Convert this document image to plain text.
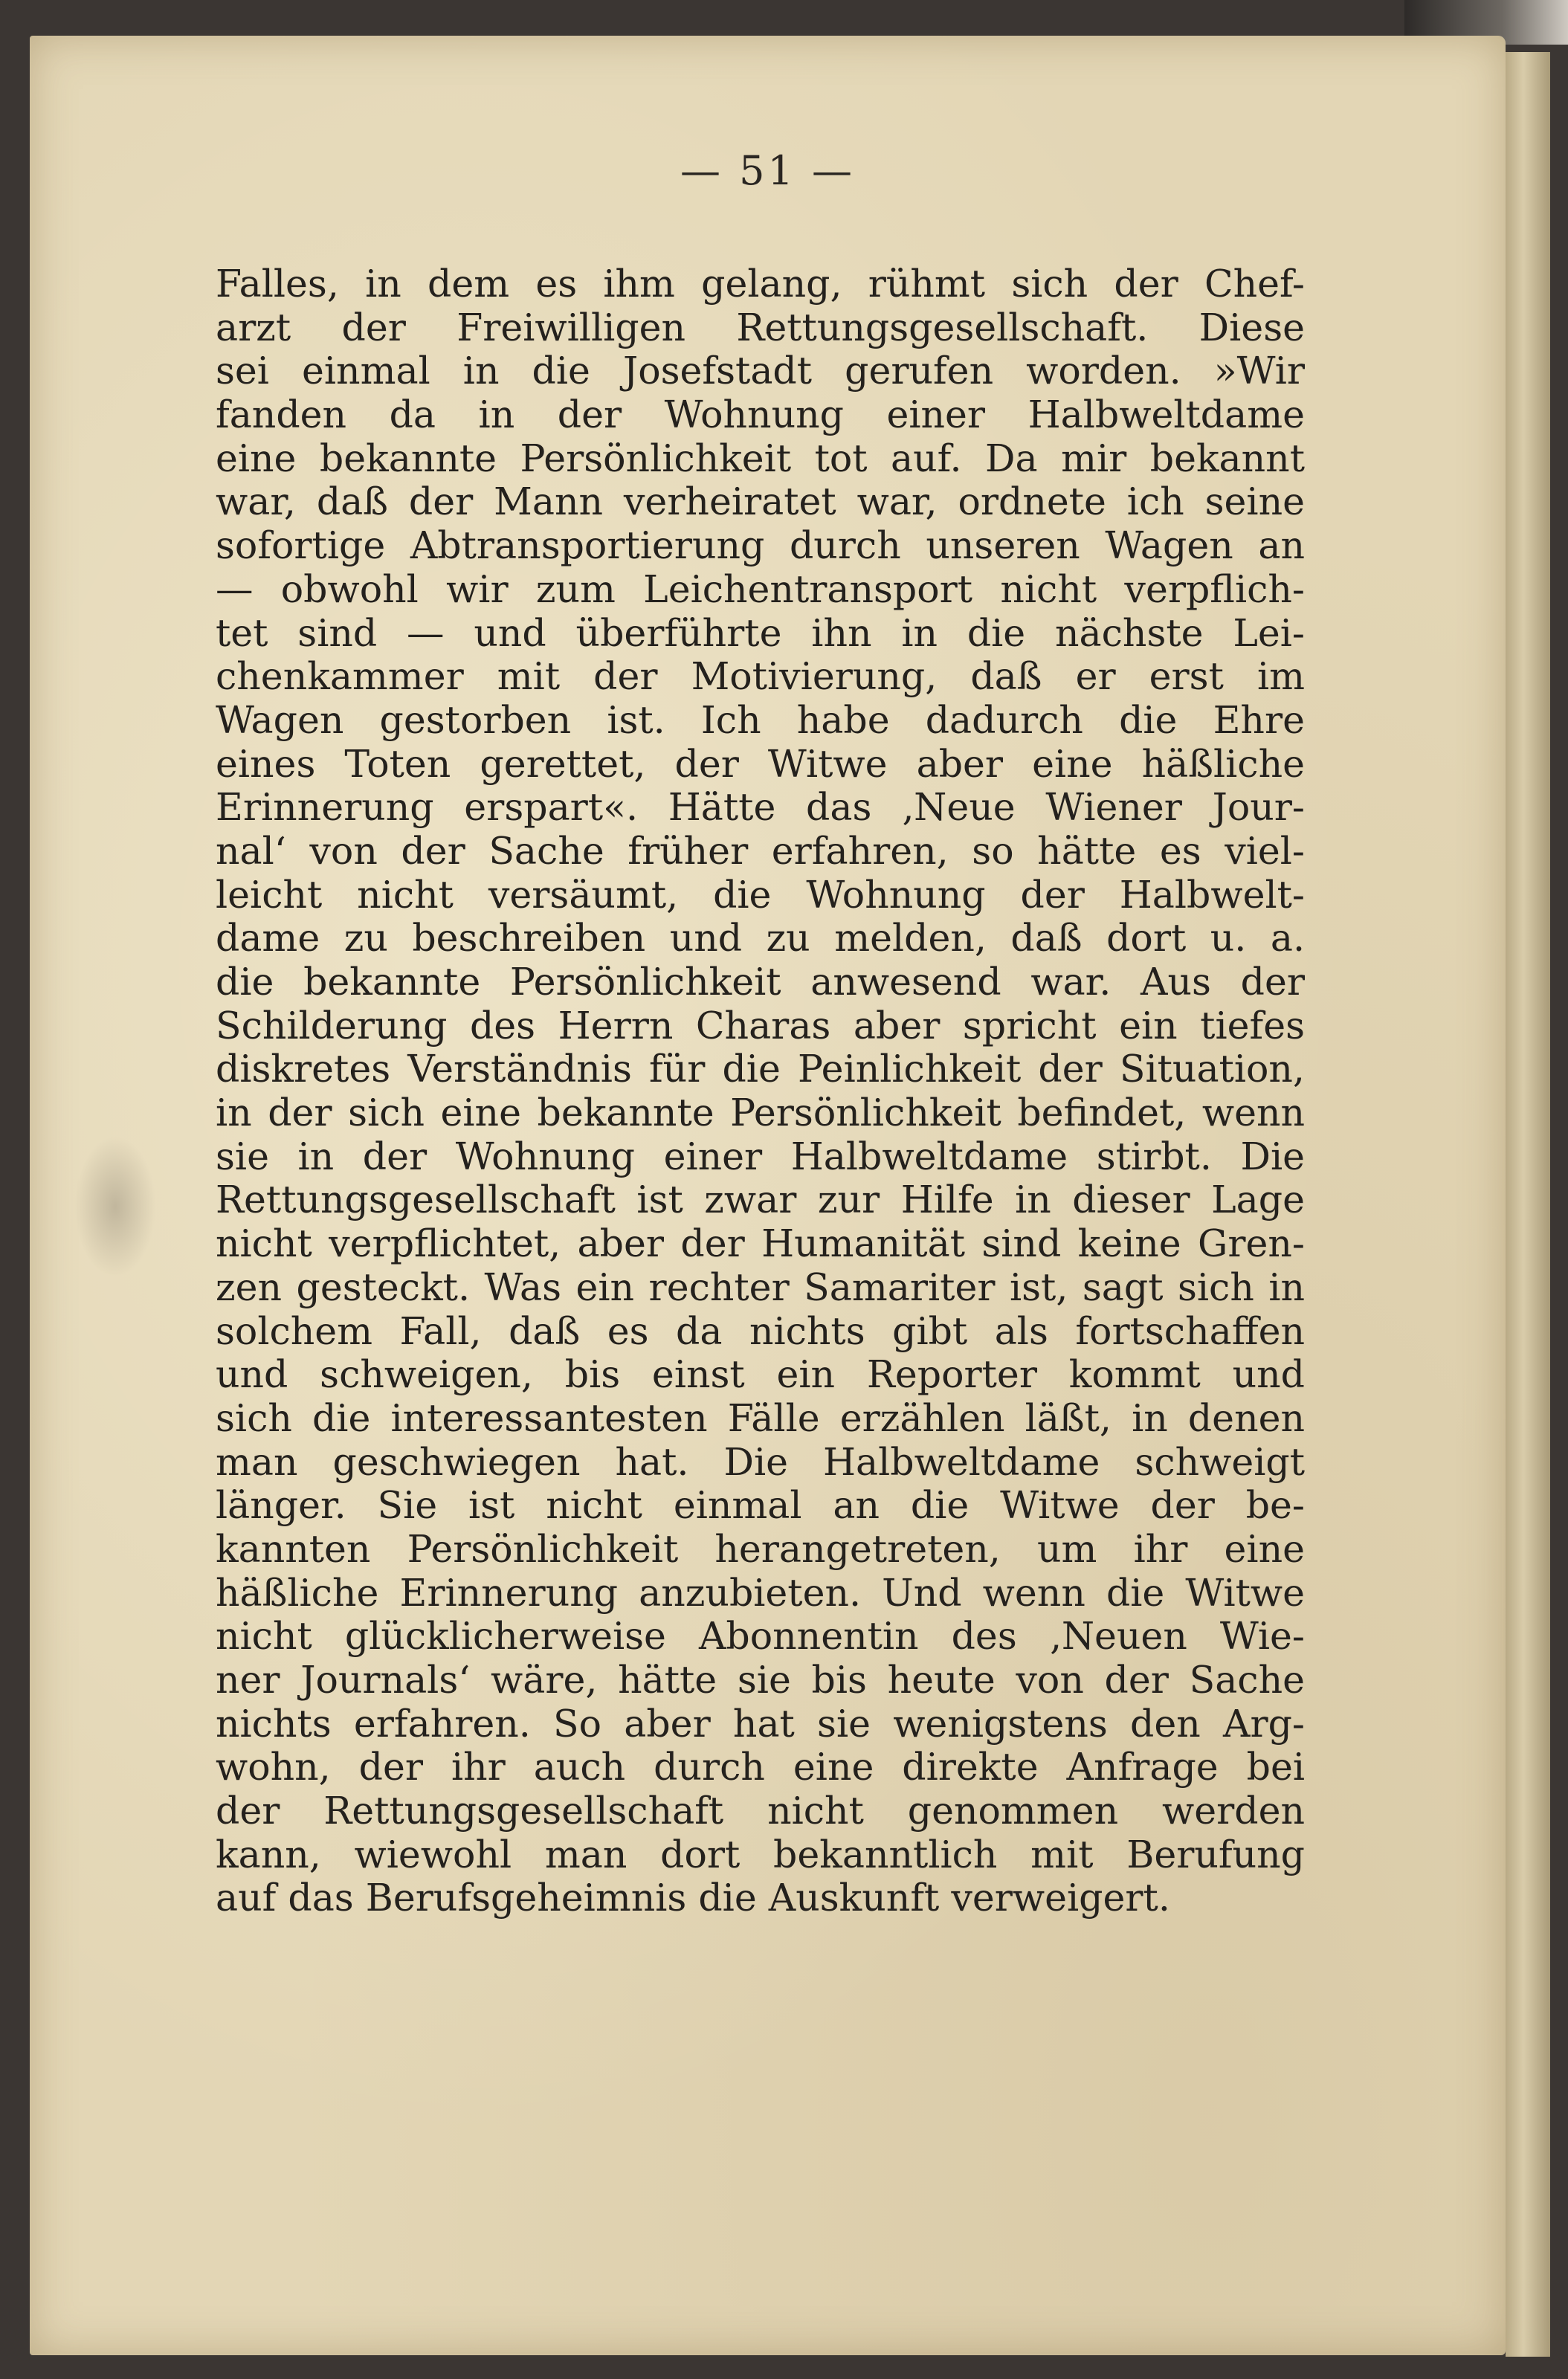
— 51 —

Falles, in dem es ihm gelang, rühmt sich der Chef-
arzt der Freiwilligen Rettungsgesellschaft. Diese
sei einmal in die Josefstadt gerufen worden. »Wir
fanden da in der Wohnung einer Halbweltdame
eine bekannte Persönlichkeit tot auf. Da mir bekannt
war, daß der Mann verheiratet war, ordnete ich seine
sofortige Abtransportierung durch unseren Wagen an
— obwohl wir zum Leichentransport nicht verpflich-
tet sind — und überführte ihn in die nächste Lei-
chenkammer mit der Motivierung, daß er erst im
Wagen gestorben ist. Ich habe dadurch die Ehre
eines Toten gerettet, der Witwe aber eine häßliche
Erinnerung erspart«. Hätte das ‚Neue Wiener Jour-
nal‘ von der Sache früher erfahren, so hätte es viel-
leicht nicht versäumt, die Wohnung der Halbwelt-
dame zu beschreiben und zu melden, daß dort u. a.
die bekannte Persönlichkeit anwesend war. Aus der
Schilderung des Herrn Charas aber spricht ein tiefes
diskretes Verständnis für die Peinlichkeit der Situation,
in der sich eine bekannte Persönlichkeit befindet, wenn
sie in der Wohnung einer Halbweltdame stirbt. Die
Rettungsgesellschaft ist zwar zur Hilfe in dieser Lage
nicht verpflichtet, aber der Humanität sind keine Gren-
zen gesteckt. Was ein rechter Samariter ist, sagt sich in
solchem Fall, daß es da nichts gibt als fortschaffen
und schweigen, bis einst ein Reporter kommt und
sich die interessantesten Fälle erzählen läßt, in denen
man geschwiegen hat. Die Halbweltdame schweigt
länger. Sie ist nicht einmal an die Witwe der be-
kannten Persönlichkeit herangetreten, um ihr eine
häßliche Erinnerung anzubieten. Und wenn die Witwe
nicht glücklicherweise Abonnentin des ‚Neuen Wie-
ner Journals‘ wäre, hätte sie bis heute von der Sache
nichts erfahren. So aber hat sie wenigstens den Arg-
wohn, der ihr auch durch eine direkte Anfrage bei
der Rettungsgesellschaft nicht genommen werden
kann, wiewohl man dort bekanntlich mit Berufung
auf das Berufsgeheimnis die Auskunft verweigert.
